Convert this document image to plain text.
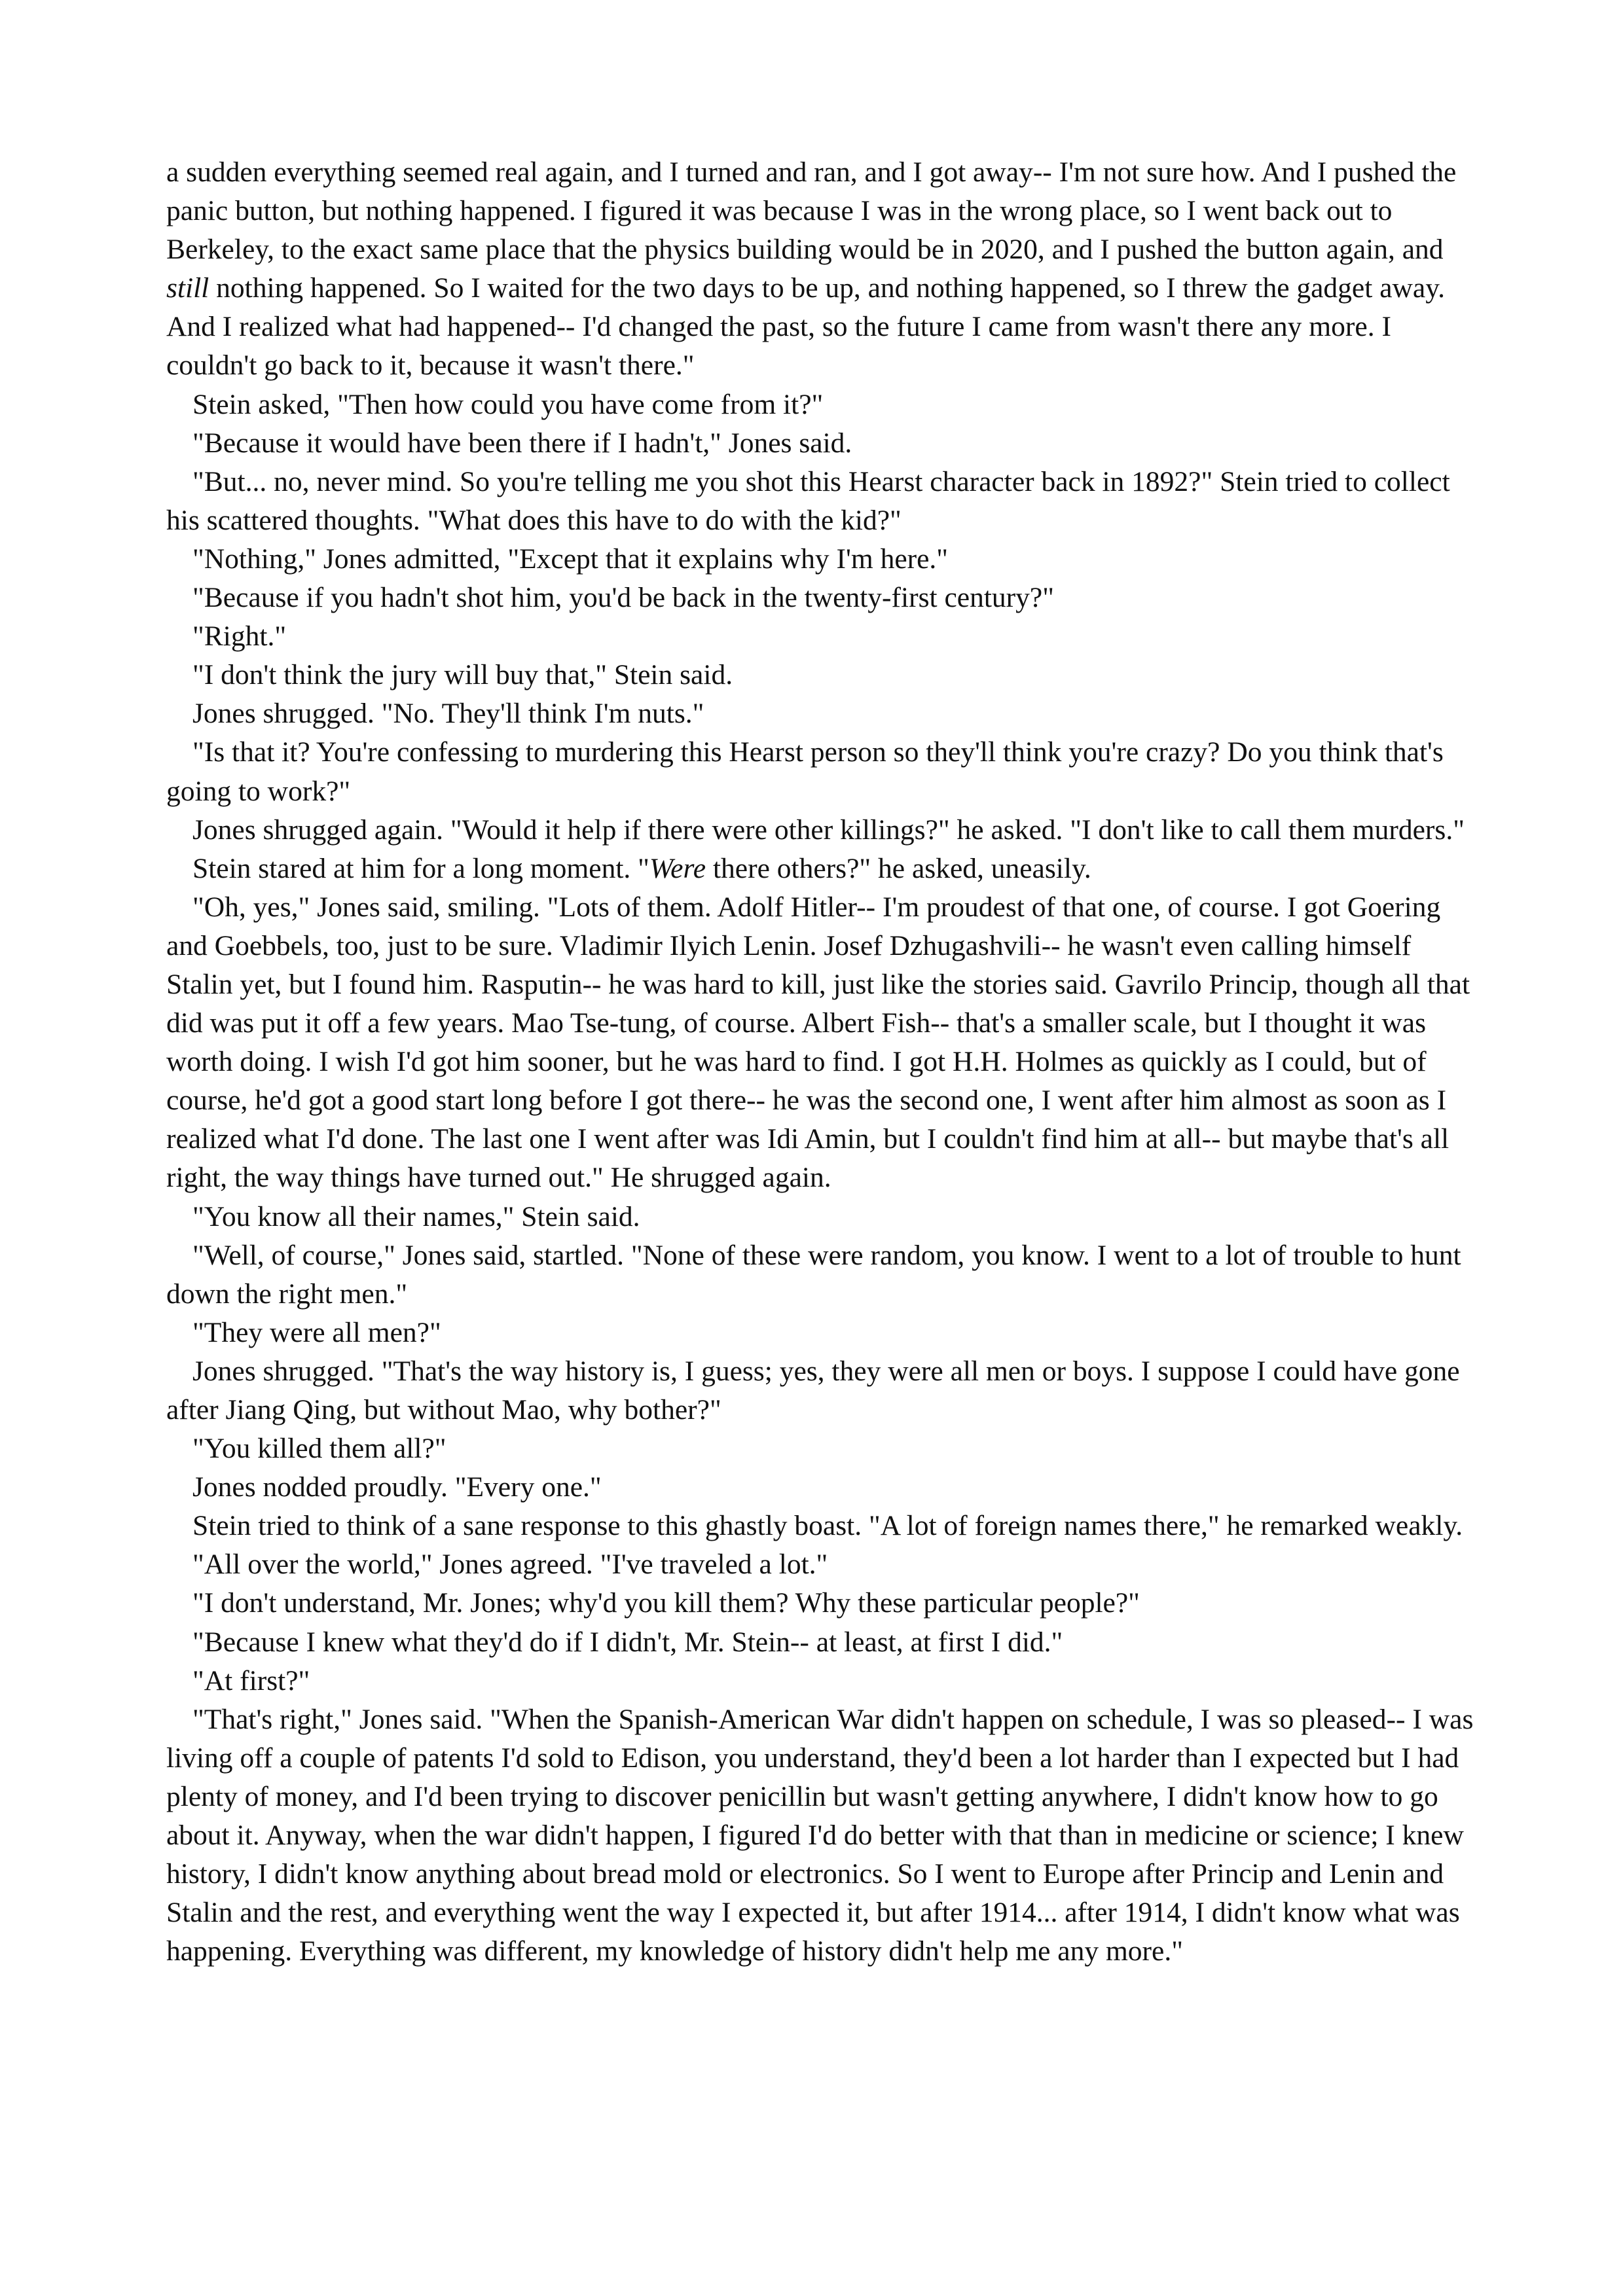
a sudden everything seemed real again, and I turned and ran, and I got away-- I'm not sure how. And I pushed the panic button, but nothing happened. I figured it was because I was in the wrong place, so I went back out to Berkeley, to the exact same place that the physics building would be in 2020, and I pushed the button again, and still nothing happened. So I waited for the two days to be up, and nothing happened, so I threw the gadget away. And I realized what had happened-- I'd changed the past, so the future I came from wasn't there any more. I couldn't go back to it, because it wasn't there."

Stein asked, "Then how could you have come from it?"

"Because it would have been there if I hadn't," Jones said.

"But... no, never mind. So you're telling me you shot this Hearst character back in 1892?" Stein tried to collect his scattered thoughts. "What does this have to do with the kid?"

"Nothing," Jones admitted, "Except that it explains why I'm here."

"Because if you hadn't shot him, you'd be back in the twenty-first century?"

"Right."

"I don't think the jury will buy that," Stein said.

Jones shrugged. "No. They'll think I'm nuts."

"Is that it? You're confessing to murdering this Hearst person so they'll think you're crazy? Do you think that's going to work?"

Jones shrugged again. "Would it help if there were other killings?" he asked. "I don't like to call them murders."

Stein stared at him for a long moment. "Were there others?" he asked, uneasily.

"Oh, yes," Jones said, smiling. "Lots of them. Adolf Hitler-- I'm proudest of that one, of course. I got Goering and Goebbels, too, just to be sure. Vladimir Ilyich Lenin. Josef Dzhugashvili-- he wasn't even calling himself Stalin yet, but I found him. Rasputin-- he was hard to kill, just like the stories said. Gavrilo Princip, though all that did was put it off a few years. Mao Tse-tung, of course. Albert Fish-- that's a smaller scale, but I thought it was worth doing. I wish I'd got him sooner, but he was hard to find. I got H.H. Holmes as quickly as I could, but of course, he'd got a good start long before I got there-- he was the second one, I went after him almost as soon as I realized what I'd done. The last one I went after was Idi Amin, but I couldn't find him at all-- but maybe that's all right, the way things have turned out." He shrugged again.

"You know all their names," Stein said.

"Well, of course," Jones said, startled. "None of these were random, you know. I went to a lot of trouble to hunt down the right men."

"They were all men?"

Jones shrugged. "That's the way history is, I guess; yes, they were all men or boys. I suppose I could have gone after Jiang Qing, but without Mao, why bother?"

"You killed them all?"

Jones nodded proudly. "Every one."

Stein tried to think of a sane response to this ghastly boast. "A lot of foreign names there," he remarked weakly.

"All over the world," Jones agreed. "I've traveled a lot."

"I don't understand, Mr. Jones; why'd you kill them? Why these particular people?"

"Because I knew what they'd do if I didn't, Mr. Stein-- at least, at first I did."

"At first?"

"That's right," Jones said. "When the Spanish-American War didn't happen on schedule, I was so pleased-- I was living off a couple of patents I'd sold to Edison, you understand, they'd been a lot harder than I expected but I had plenty of money, and I'd been trying to discover penicillin but wasn't getting anywhere, I didn't know how to go about it. Anyway, when the war didn't happen, I figured I'd do better with that than in medicine or science; I knew history, I didn't know anything about bread mold or electronics. So I went to Europe after Princip and Lenin and Stalin and the rest, and everything went the way I expected it, but after 1914... after 1914, I didn't know what was happening. Everything was different, my knowledge of history didn't help me any more."
